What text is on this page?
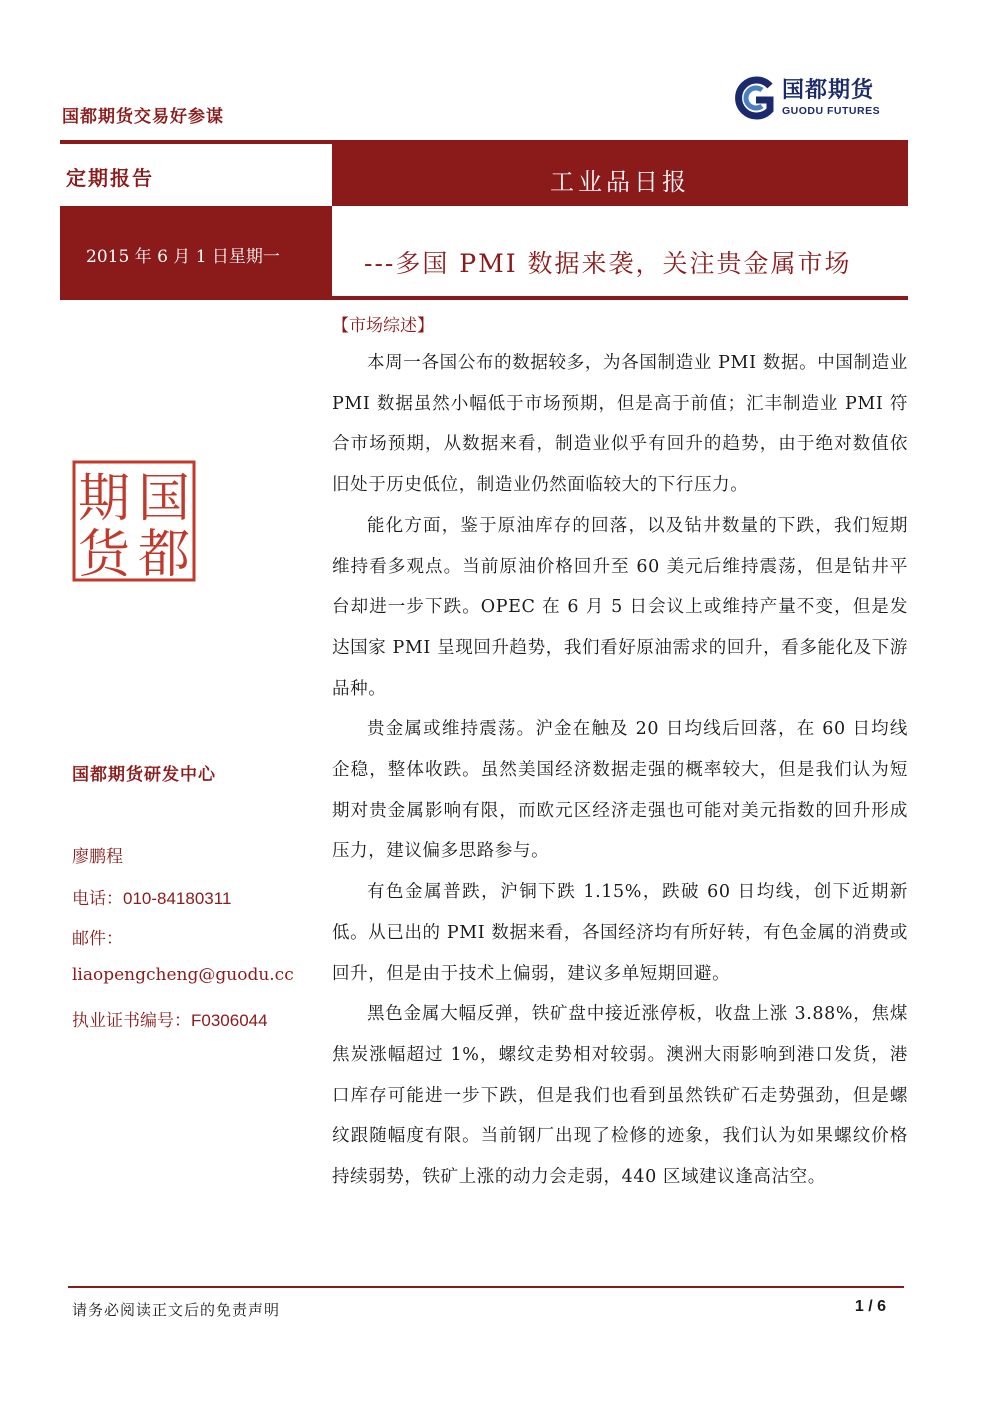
国都期货交易好参谋
国都期货
GUODU FUTURES
定期报告	工业品日报
2015 年 6 月 1 日星期一	---多国 PMI 数据来袭，关注贵金属市场
国
都
期
货
国都期货研发中心
廖鹏程
电话：010-84180311
邮件：
liaopengcheng@guodu.cc
执业证书编号：F0306044
【市场综述】

本周一各国公布的数据较多，为各国制造业 PMI 数据。中国制造业 PMI 数据虽然小幅低于市场预期，但是高于前值；汇丰制造业 PMI 符合市场预期，从数据来看，制造业似乎有回升的趋势，由于绝对数值依旧处于历史低位，制造业仍然面临较大的下行压力。

能化方面，鉴于原油库存的回落，以及钻井数量的下跌，我们短期维持看多观点。当前原油价格回升至 60 美元后维持震荡，但是钻井平台却进一步下跌。OPEC 在 6 月 5 日会议上或维持产量不变，但是发达国家 PMI 呈现回升趋势，我们看好原油需求的回升，看多能化及下游品种。

贵金属或维持震荡。沪金在触及 20 日均线后回落，在 60 日均线企稳，整体收跌。虽然美国经济数据走强的概率较大，但是我们认为短期对贵金属影响有限，而欧元区经济走强也可能对美元指数的回升形成压力，建议偏多思路参与。

有色金属普跌，沪铜下跌 1.15%，跌破 60 日均线，创下近期新低。从已出的 PMI 数据来看，各国经济均有所好转，有色金属的消费或回升，但是由于技术上偏弱，建议多单短期回避。

黑色金属大幅反弹，铁矿盘中接近涨停板，收盘上涨 3.88%，焦煤焦炭涨幅超过 1%，螺纹走势相对较弱。澳洲大雨影响到港口发货，港口库存可能进一步下跌，但是我们也看到虽然铁矿石走势强劲，但是螺纹跟随幅度有限。当前钢厂出现了检修的迹象，我们认为如果螺纹价格持续弱势，铁矿上涨的动力会走弱，440 区域建议逢高沽空。

请务必阅读正文后的免责声明	1 / 6
